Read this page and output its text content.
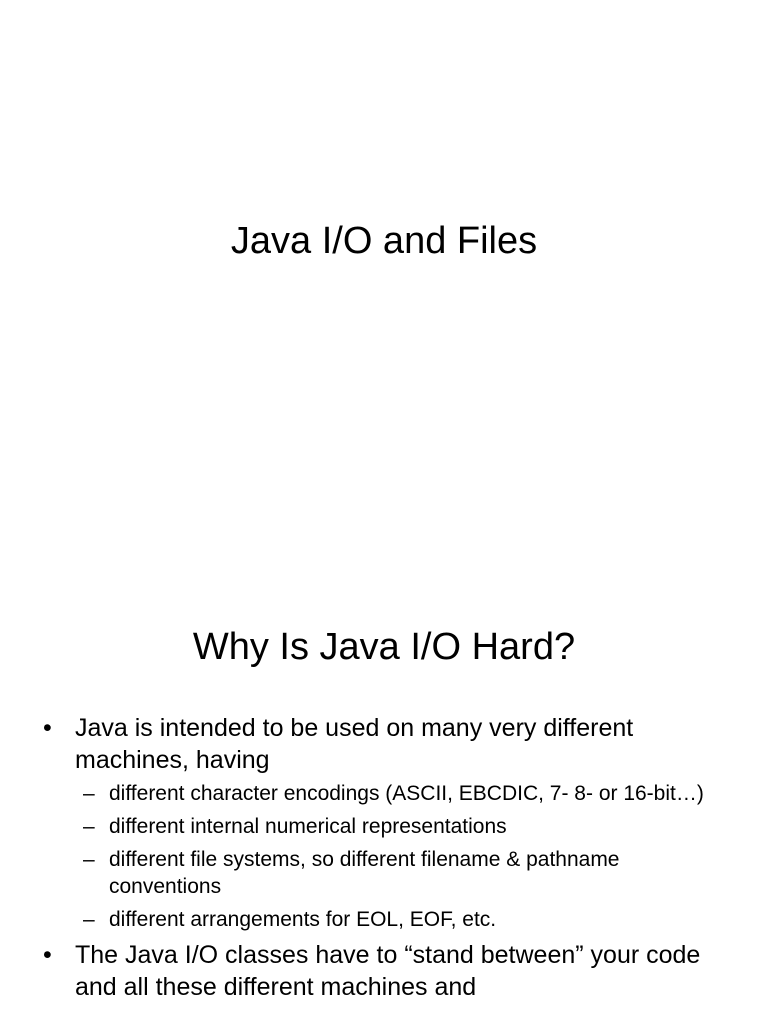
Java I/O and Files
Why Is Java I/O Hard?
• Java is intended to be used on many very different machines, having
– different character encodings (ASCII, EBCDIC, 7- 8- or 16-bit…)
– different internal numerical representations
– different file systems, so different filename & pathname conventions
– different arrangements for EOL, EOF, etc.
• The Java I/O classes have to “stand between” your code and all these different machines and
